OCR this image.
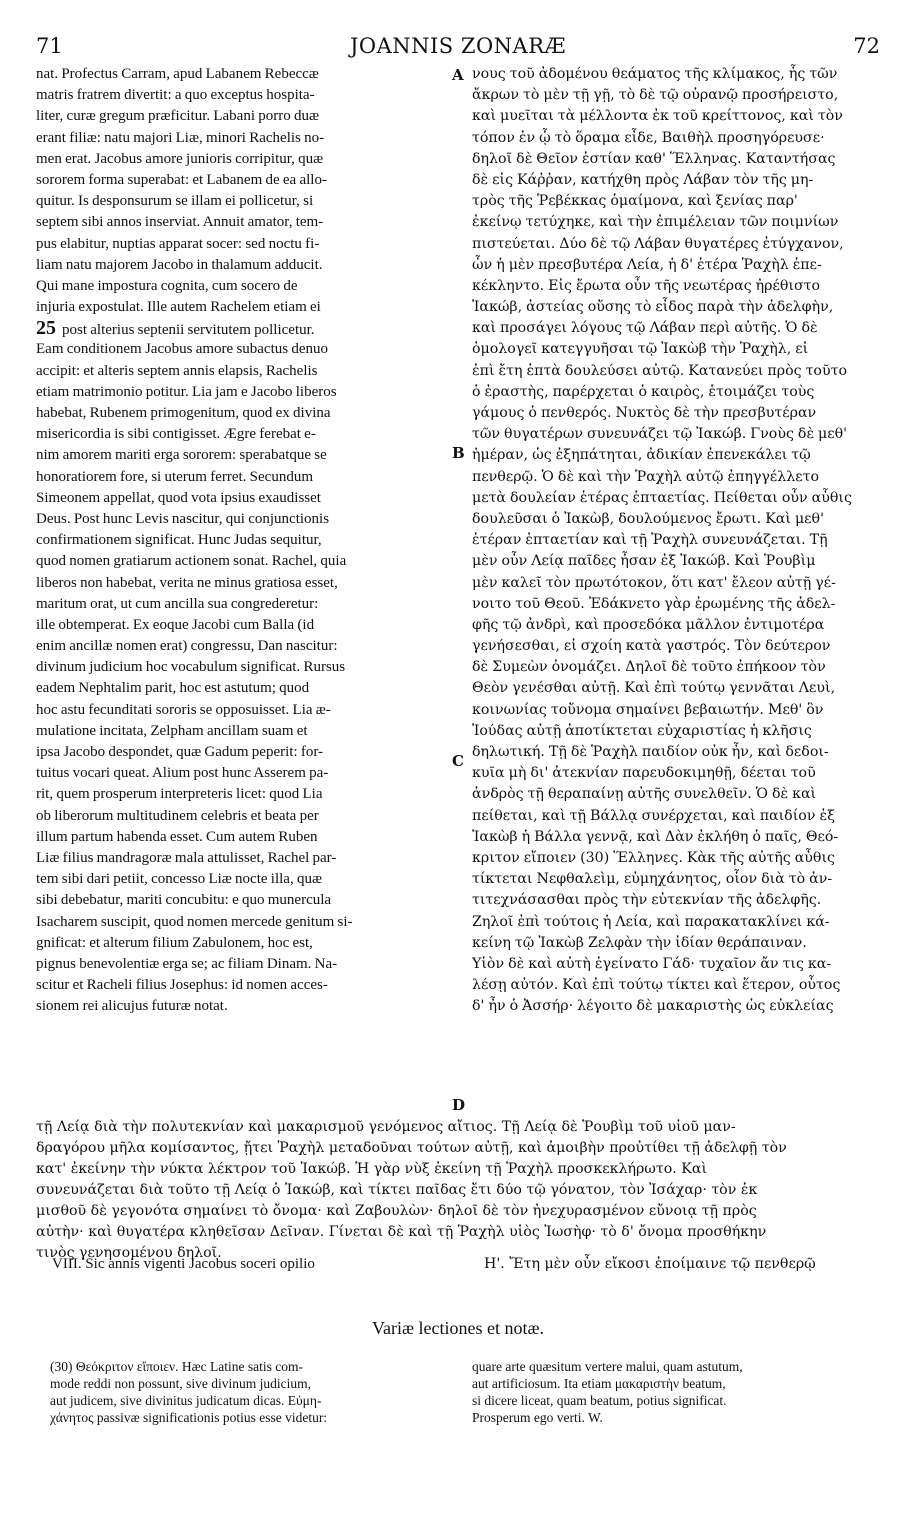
71	JOANNIS ZONARÆ	72
nat. Profectus Carram, apud Labanem Rebeccæ
matris fratrem divertit: a quo exceptus hospita-
liter, curæ gregum præficitur. Labani porro duæ
erant filiæ: natu majori Liæ, minori Rachelis no-
men erat. Jacobus amore junioris corripitur, quæ
sororem forma superabat: et Labanem de ea allo-
quitur. Is desponsurum se illam ei pollicetur, si
septem sibi annos inserviat. Annuit amator, tem-
pus elabitur, nuptias apparat socer: sed noctu fi-
liam natu majorem Jacobo in thalamum adducit.
Qui mane impostura cognita, cum socero de
injuria expostulat. Ille autem Rachelem etiam ei
25 post alterius septenii servitutem pollicetur.
Eam conditionem Jacobus amore subactus denuo
accipit: et alteris septem annis elapsis, Rachelis
etiam matrimonio potitur. Lia jam e Jacobo liberos
habebat, Rubenem primogenitum, quod ex divina
misericordia is sibi contigisset. Ægre ferebat e-
nim amorem mariti erga sororem: sperabatque se
honoratiorem fore, si uterum ferret. Secundum
Simeonem appellat, quod vota ipsius exaudisset
Deus. Post hunc Levis nascitur, qui conjunctionis
confirmationem significat. Hunc Judas sequitur,
quod nomen gratiarum actionem sonat. Rachel, quia
liberos non habebat, verita ne minus gratiosa esset,
maritum orat, ut cum ancilla sua congrederetur:
ille obtemperat. Ex eoque Jacobi cum Balla (id
enim ancillæ nomen erat) congressu, Dan nascitur:
divinum judicium hoc vocabulum significat. Rursus
eadem Nephtalim parit, hoc est astutum; quod
hoc astu fecunditati sororis se opposuisset. Lia æ-
mulatione incitata, Zelpham ancillam suam et
ipsa Jacobo despondet, quæ Gadum peperit: for-
tuitus vocari queat. Alium post hunc Asserem pa-
rit, quem prosperum interpreteris licet: quod Lia
ob liberorum multitudinem celebris et beata per
illum partum habenda esset. Cum autem Ruben
Liæ filius mandragoræ mala attulisset, Rachel par-
tem sibi dari petiit, concesso Liæ nocte illa, quæ
sibi debebatur, mariti concubitu: e quo munercula
Isacharem suscipit, quod nomen mercede genitum si-
gnificat: et alterum filium Zabulonem, hoc est,
pignus benevolentiæ erga se; ac filiam Dinam. Na-
scitur et Racheli filius Josephus: id nomen acces-
sionem rei alicujus futuræ notat.
νους τοῦ ἀδομένου θεάματος τῆς κλίμακος, ἧς τῶν
ἄκρων τὸ μὲν τῇ γῇ, τὸ δὲ τῷ οὐρανῷ προσήρειστο,
καὶ μυεῖται τὰ μέλλοντα ἐκ τοῦ κρείττονος, καὶ τὸν
τόπον ἐν ᾧ τὸ ὅραμα εἶδε, Βαιθὴλ προσηγόρευσε·
δηλοῖ δὲ Θεῖον ἑστίαν καθ' Ἕλληνας. Καταντήσας
δὲ εἰς Κάῤῥαν, κατήχθη πρὸς Λάβαν τὸν τῆς μη-
τρὸς τῆς Ῥεβέκκας ὁμαίμονα, καὶ ξενίας παρ'
ἐκείνῳ τετύχηκε, καὶ τὴν ἐπιμέλειαν τῶν ποιμνίων
πιστεύεται. Δύο δὲ τῷ Λάβαν θυγατέρες ἐτύγχανον,
ὧν ἡ μὲν πρεσβυτέρα Λεία, ἡ δ' ἑτέρα Ῥαχὴλ ἐπε-
κέκληντο. Εἰς ἔρωτα οὖν τῆς νεωτέρας ἠρέθιστο
Ἰακώβ, ἀστείας οὔσης τὸ εἶδος παρὰ τὴν ἀδελφὴν,
καὶ προσάγει λόγους τῷ Λάβαν περὶ αὐτῆς. Ὁ δὲ
ὁμολογεῖ κατεγγυῆσαι τῷ Ἰακὼβ τὴν Ῥαχὴλ, εἰ
ἐπὶ ἔτη ἑπτὰ δουλεύσει αὐτῷ. Κατανεύει πρὸς τοῦτο
ὁ ἐραστὴς, παρέρχεται ὁ καιρὸς, ἑτοιμάζει τοὺς
γάμους ὁ πενθερός. Νυκτὸς δὲ τὴν πρεσβυτέραν
τῶν θυγατέρων συνευνάζει τῷ Ἰακώβ. Γνοὺς δὲ μεθ'
ἡμέραν, ὡς ἐξηπάτηται, ἀδικίαν ἐπενεκάλει τῷ
πενθερῷ. Ὁ δὲ καὶ τὴν Ῥαχὴλ αὐτῷ ἐπηγγέλλετο
μετὰ δουλείαν ἑτέρας ἑπταετίας. Πείθεται οὖν αὖθις
δουλεῦσαι ὁ Ἰακὼβ, δουλούμενος ἔρωτι. Καὶ μεθ'
ἑτέραν ἑπταετίαν καὶ τῇ Ῥαχὴλ συνευνάζεται. Τῇ
μὲν οὖν Λείᾳ παῖδες ἦσαν ἐξ Ἰακώβ. Καὶ Ῥουβὶμ
μὲν καλεῖ τὸν πρωτότοκον, ὅτι κατ' ἔλεον αὐτῇ γέ-
νοιτο τοῦ Θεοῦ. Ἐδάκνετο γὰρ ἐρωμένης τῆς ἀδελ-
φῆς τῷ ἀνδρὶ, καὶ προσεδόκα μᾶλλον ἐντιμοτέρα
γενήσεσθαι, εἰ σχοίη κατὰ γαστρός. Τὸν δεύτερον
δὲ Συμεὼν ὀνομάζει. Δηλοῖ δὲ τοῦτο ἐπήκοον τὸν
Θεὸν γενέσθαι αὐτῇ. Καὶ ἐπὶ τούτῳ γεννᾶται Λευὶ,
κοινωνίας τοὔνομα σημαίνει βεβαιωτήν. Μεθ' ὃν
Ἰούδας αὐτῇ ἀποτίκτεται εὐχαριστίας ἡ κλῆσις
δηλωτική. Τῇ δὲ Ῥαχὴλ παιδίον οὐκ ἦν, καὶ δεδοι-
κυῖα μὴ δι' ἀτεκνίαν παρευδοκιμηθῇ, δέεται τοῦ
ἀνδρὸς τῇ θεραπαίνῃ αὐτῆς συνελθεῖν. Ὁ δὲ καὶ
πείθεται, καὶ τῇ Βάλλᾳ συνέρχεται, καὶ παιδίον ἐξ
Ἰακὼβ ἡ Βάλλα γεννᾷ, καὶ Δὰν ἐκλήθη ὁ παῖς, Θεό-
κριτον εἴποιεν (30) Ἕλληνες. Κὰκ τῆς αὐτῆς αὖθις
τίκτεται Νεφθαλεὶμ, εὐμηχάνητος, οἷον διὰ τὸ ἀν-
τιτεχνάσασθαι πρὸς τὴν εὐτεκνίαν τῆς ἀδελφῆς.
Ζηλοῖ ἐπὶ τούτοις ἡ Λεία, καὶ παρακατακλίνει κά-
κείνη τῷ Ἰακὼβ Ζελφὰν τὴν ἰδίαν θεράπαιναν.
Υἱὸν δὲ καὶ αὐτὴ ἐγείνατο Γάδ· τυχαῖον ἄν τις κα-
λέσῃ αὐτόν. Καὶ ἐπὶ τούτῳ τίκτει καὶ ἕτερον, οὗτος
δ' ἦν ὁ Ἀσσήρ· λέγοιτο δὲ μακαριστὴς ὡς εὐκλείας
A
B
C
D
τῇ Λείᾳ διὰ τὴν πολυτεκνίαν καὶ μακαρισμοῦ γενόμενος αἴτιος. Τῇ Λείᾳ δὲ Ῥουβὶμ τοῦ υἱοῦ μαν-
δραγόρου μῆλα κομίσαντος, ᾔτει Ῥαχὴλ μεταδοῦναι τούτων αὐτῇ, καὶ ἀμοιβὴν προὐτίθει τῇ ἀδελφῇ τὸν
κατ' ἐκείνην τὴν νύκτα λέκτρον τοῦ Ἰακώβ. Ἡ γὰρ νὺξ ἐκείνη τῇ Ῥαχὴλ προσκεκλήρωτο. Καὶ
συνευνάζεται διὰ τοῦτο τῇ Λείᾳ ὁ Ἰακώβ, καὶ τίκτει παῖδας ἔτι δύο τῷ γόνατον, τὸν Ἰσάχαρ· τὸν ἐκ
μισθοῦ δὲ γεγονότα σημαίνει τὸ ὄνομα· καὶ Ζαβουλὼν· δηλοῖ δὲ τὸν ἠνεχυρασμένον εὔνοιᾳ τῇ πρὸς
αὐτὴν· καὶ θυγατέρα κληθεῖσαν Δεῖναν. Γίνεται δὲ καὶ τῇ Ῥαχὴλ υἱὸς Ἰωσὴφ· τὸ δ' ὄνομα προσθήκην
τινὸς γενησομένου δηλοῖ.
VIII. Sic annis vigenti Jacobus soceri opilio	Η'. Ἔτη μὲν οὖν εἴκοσι ἐποίμαινε τῷ πενθερῷ
Variæ lectiones et notæ.
(30) Θεόκριτον εἴποιεν. Hæc Latine satis com-
mode reddi non possunt, sive divinum judicium,
aut judicem, sive divinitus judicatum dicas. Εὐμη-
χάνητος passivæ significationis potius esse videtur:
quare arte quæsitum vertere malui, quam astutum,
aut artificiosum. Ita etiam μακαριστὴν beatum,
si dicere liceat, quam beatum, potius significat.
Prosperum ego verti. W.
